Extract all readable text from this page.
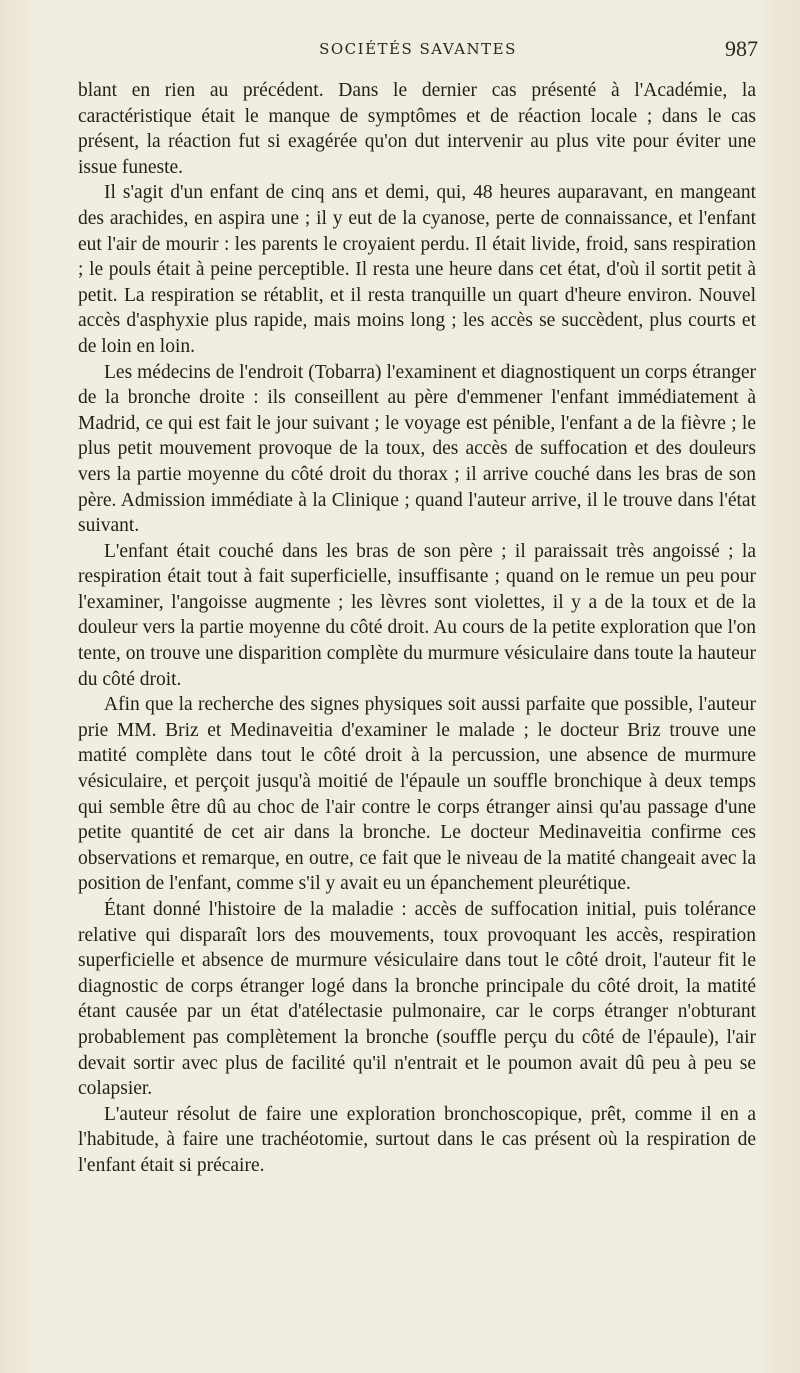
SOCIÉTÉS SAVANTES	987

blant en rien au précédent. Dans le dernier cas présenté à l'Académie, la caractéristique était le manque de symptômes et de réaction locale ; dans le cas présent, la réaction fut si exagérée qu'on dut intervenir au plus vite pour éviter une issue funeste.

Il s'agit d'un enfant de cinq ans et demi, qui, 48 heures auparavant, en mangeant des arachides, en aspira une ; il y eut de la cyanose, perte de connaissance, et l'enfant eut l'air de mourir : les parents le croyaient perdu. Il était livide, froid, sans respiration ; le pouls était à peine perceptible. Il resta une heure dans cet état, d'où il sortit petit à petit. La respiration se rétablit, et il resta tranquille un quart d'heure environ. Nouvel accès d'asphyxie plus rapide, mais moins long ; les accès se succèdent, plus courts et de loin en loin.

Les médecins de l'endroit (Tobarra) l'examinent et diagnostiquent un corps étranger de la bronche droite : ils conseillent au père d'emmener l'enfant immédiatement à Madrid, ce qui est fait le jour suivant ; le voyage est pénible, l'enfant a de la fièvre ; le plus petit mouvement provoque de la toux, des accès de suffocation et des douleurs vers la partie moyenne du côté droit du thorax ; il arrive couché dans les bras de son père. Admission immédiate à la Clinique ; quand l'auteur arrive, il le trouve dans l'état suivant.

L'enfant était couché dans les bras de son père ; il paraissait très angoissé ; la respiration était tout à fait superficielle, insuffisante ; quand on le remue un peu pour l'examiner, l'angoisse augmente ; les lèvres sont violettes, il y a de la toux et de la douleur vers la partie moyenne du côté droit. Au cours de la petite exploration que l'on tente, on trouve une disparition complète du murmure vésiculaire dans toute la hauteur du côté droit.

Afin que la recherche des signes physiques soit aussi parfaite que possible, l'auteur prie MM. Briz et Medinaveitia d'examiner le malade ; le docteur Briz trouve une matité complète dans tout le côté droit à la percussion, une absence de murmure vésiculaire, et perçoit jusqu'à moitié de l'épaule un souffle bronchique à deux temps qui semble être dû au choc de l'air contre le corps étranger ainsi qu'au passage d'une petite quantité de cet air dans la bronche. Le docteur Medinaveitia confirme ces observations et remarque, en outre, ce fait que le niveau de la matité changeait avec la position de l'enfant, comme s'il y avait eu un épanchement pleurétique.

Étant donné l'histoire de la maladie : accès de suffocation initial, puis tolérance relative qui disparaît lors des mouvements, toux provoquant les accès, respiration superficielle et absence de murmure vésiculaire dans tout le côté droit, l'auteur fit le diagnostic de corps étranger logé dans la bronche principale du côté droit, la matité étant causée par un état d'atélectasie pulmonaire, car le corps étranger n'obturant probablement pas complètement la bronche (souffle perçu du côté de l'épaule), l'air devait sortir avec plus de facilité qu'il n'entrait et le poumon avait dû peu à peu se colapsier.

L'auteur résolut de faire une exploration bronchoscopique, prêt, comme il en a l'habitude, à faire une trachéotomie, surtout dans le cas présent où la respiration de l'enfant était si précaire.
